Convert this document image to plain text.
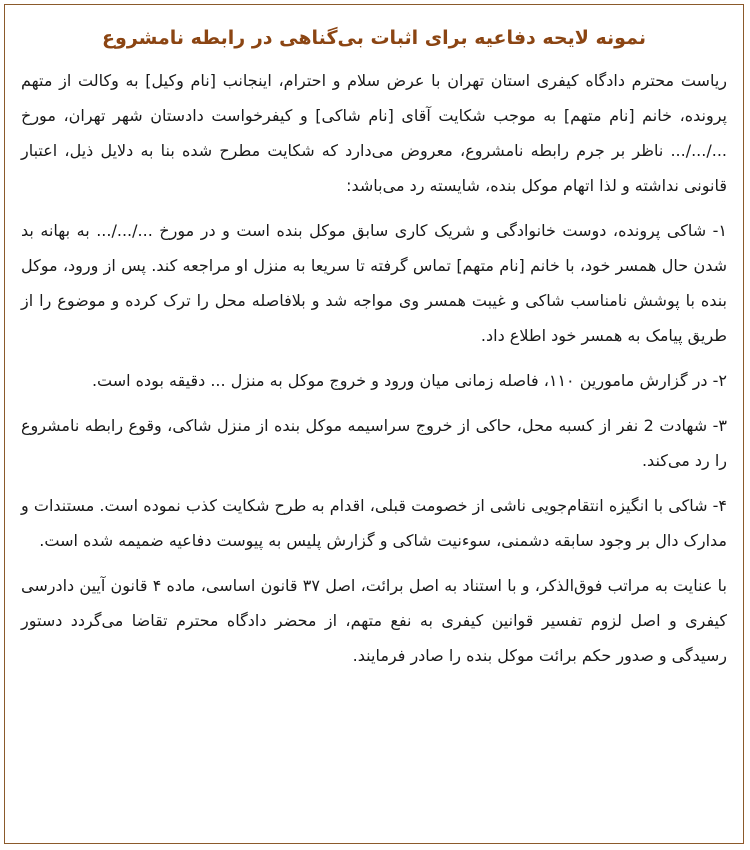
نمونه لایحه دفاعیه برای اثبات بی‌گناهی در رابطه نامشروع

ریاست محترم دادگاه کیفری استان تهران با عرض سلام و احترام، اینجانب [نام وکیل] به وکالت از متهم پرونده، خانم [نام متهم] به موجب شکایت آقای [نام شاکی] و کیفرخواست دادستان شهر تهران، مورخ .../.../... ناظر بر جرم رابطه نامشروع، معروض می‌دارد که شکایت مطرح شده بنا به دلایل ذیل، اعتبار قانونی نداشته و لذا اتهام موکل بنده، شایسته رد می‌باشد:

۱- شاکی پرونده، دوست خانوادگی و شریک کاری سابق موکل بنده است و در مورخ .../.../... به بهانه بد شدن حال همسر خود، با خانم [نام متهم] تماس گرفته تا سریعا به منزل او مراجعه کند. پس از ورود، موکل بنده با پوشش نامناسب شاکی و غیبت همسر وی مواجه شد و بلافاصله محل را ترک کرده و موضوع را از طریق پیامک به همسر خود اطلاع داد.

۲- در گزارش مامورین ۱۱۰، فاصله زمانی میان ورود و خروج موکل به منزل ... دقیقه بوده است.

۳- شهادت 2 نفر از کسبه محل، حاکی از خروج سراسیمه موکل بنده از منزل شاکی، وقوع رابطه نامشروع را رد می‌کند.

۴- شاکی با انگیزه انتقام‌جویی ناشی از خصومت قبلی، اقدام به طرح شکایت کذب نموده است. مستندات و مدارک دال بر وجود سابقه دشمنی، سوءنیت شاکی و گزارش پلیس به پیوست دفاعیه ضمیمه شده است.

با عنایت به مراتب فوق‌الذکر، و با استناد به اصل برائت، اصل ۳۷ قانون اساسی، ماده ۴ قانون آیین دادرسی کیفری و اصل لزوم تفسیر قوانین کیفری به نفع متهم، از محضر دادگاه محترم تقاضا می‌گردد دستور رسیدگی و صدور حکم برائت موکل بنده را صادر فرمایند.
